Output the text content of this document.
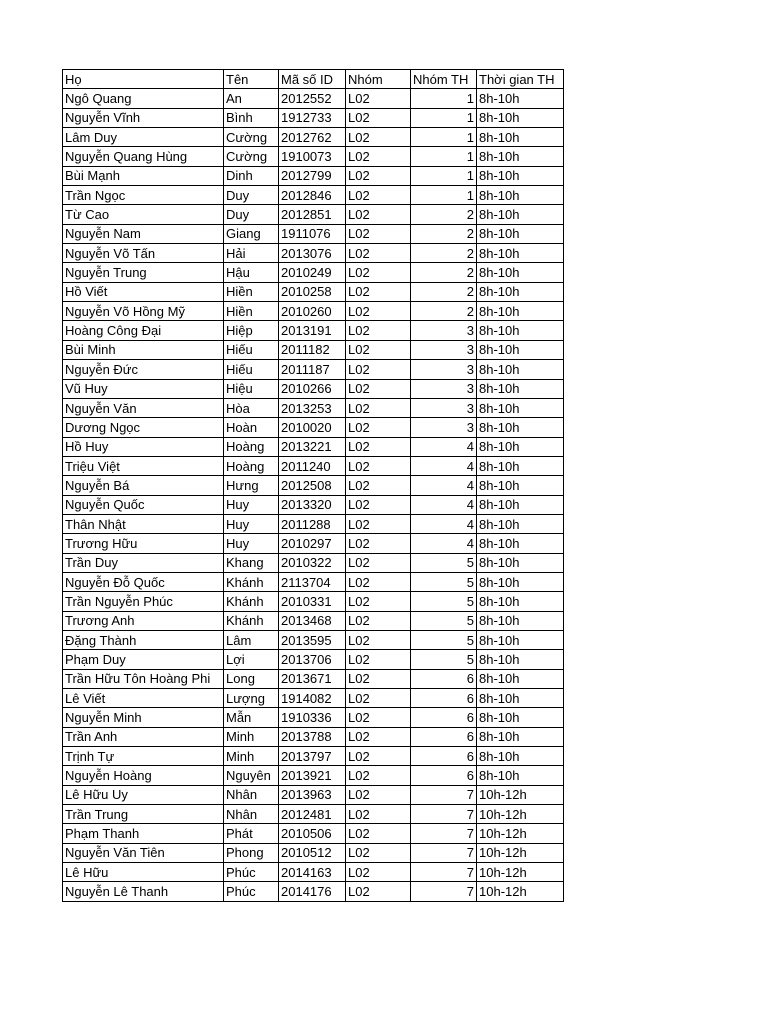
Họ	Tên	Mã số ID	Nhóm	Nhóm TH	Thời gian TH
Ngô Quang	An	2012552	L02	1	8h-10h
Nguyễn Vĩnh	Bình	1912733	L02	1	8h-10h
Lâm Duy	Cường	2012762	L02	1	8h-10h
Nguyễn Quang Hùng	Cường	1910073	L02	1	8h-10h
Bùi Mạnh	Dinh	2012799	L02	1	8h-10h
Trần Ngọc	Duy	2012846	L02	1	8h-10h
Từ Cao	Duy	2012851	L02	2	8h-10h
Nguyễn Nam	Giang	1911076	L02	2	8h-10h
Nguyễn Võ Tấn	Hải	2013076	L02	2	8h-10h
Nguyễn Trung	Hậu	2010249	L02	2	8h-10h
Hồ Viết	Hiền	2010258	L02	2	8h-10h
Nguyễn Võ Hồng Mỹ	Hiền	2010260	L02	2	8h-10h
Hoàng Công Đại	Hiệp	2013191	L02	3	8h-10h
Bùi Minh	Hiếu	2011182	L02	3	8h-10h
Nguyễn Đức	Hiếu	2011187	L02	3	8h-10h
Vũ Huy	Hiệu	2010266	L02	3	8h-10h
Nguyễn Văn	Hòa	2013253	L02	3	8h-10h
Dương Ngọc	Hoàn	2010020	L02	3	8h-10h
Hồ Huy	Hoàng	2013221	L02	4	8h-10h
Triệu Việt	Hoàng	2011240	L02	4	8h-10h
Nguyễn Bá	Hưng	2012508	L02	4	8h-10h
Nguyễn Quốc	Huy	2013320	L02	4	8h-10h
Thân Nhật	Huy	2011288	L02	4	8h-10h
Trương Hữu	Huy	2010297	L02	4	8h-10h
Trần Duy	Khang	2010322	L02	5	8h-10h
Nguyễn Đỗ Quốc	Khánh	2113704	L02	5	8h-10h
Trần Nguyễn Phúc	Khánh	2010331	L02	5	8h-10h
Trương Anh	Khánh	2013468	L02	5	8h-10h
Đặng Thành	Lâm	2013595	L02	5	8h-10h
Phạm Duy	Lợi	2013706	L02	5	8h-10h
Trần Hữu Tôn Hoàng Phi	Long	2013671	L02	6	8h-10h
Lê Viết	Lượng	1914082	L02	6	8h-10h
Nguyễn Minh	Mẫn	1910336	L02	6	8h-10h
Trần Anh	Minh	2013788	L02	6	8h-10h
Trịnh Tự	Minh	2013797	L02	6	8h-10h
Nguyễn Hoàng	Nguyên	2013921	L02	6	8h-10h
Lê Hữu Uy	Nhân	2013963	L02	7	10h-12h
Trần Trung	Nhân	2012481	L02	7	10h-12h
Phạm Thanh	Phát	2010506	L02	7	10h-12h
Nguyễn Văn Tiên	Phong	2010512	L02	7	10h-12h
Lê Hữu	Phúc	2014163	L02	7	10h-12h
Nguyễn Lê Thanh	Phúc	2014176	L02	7	10h-12h
